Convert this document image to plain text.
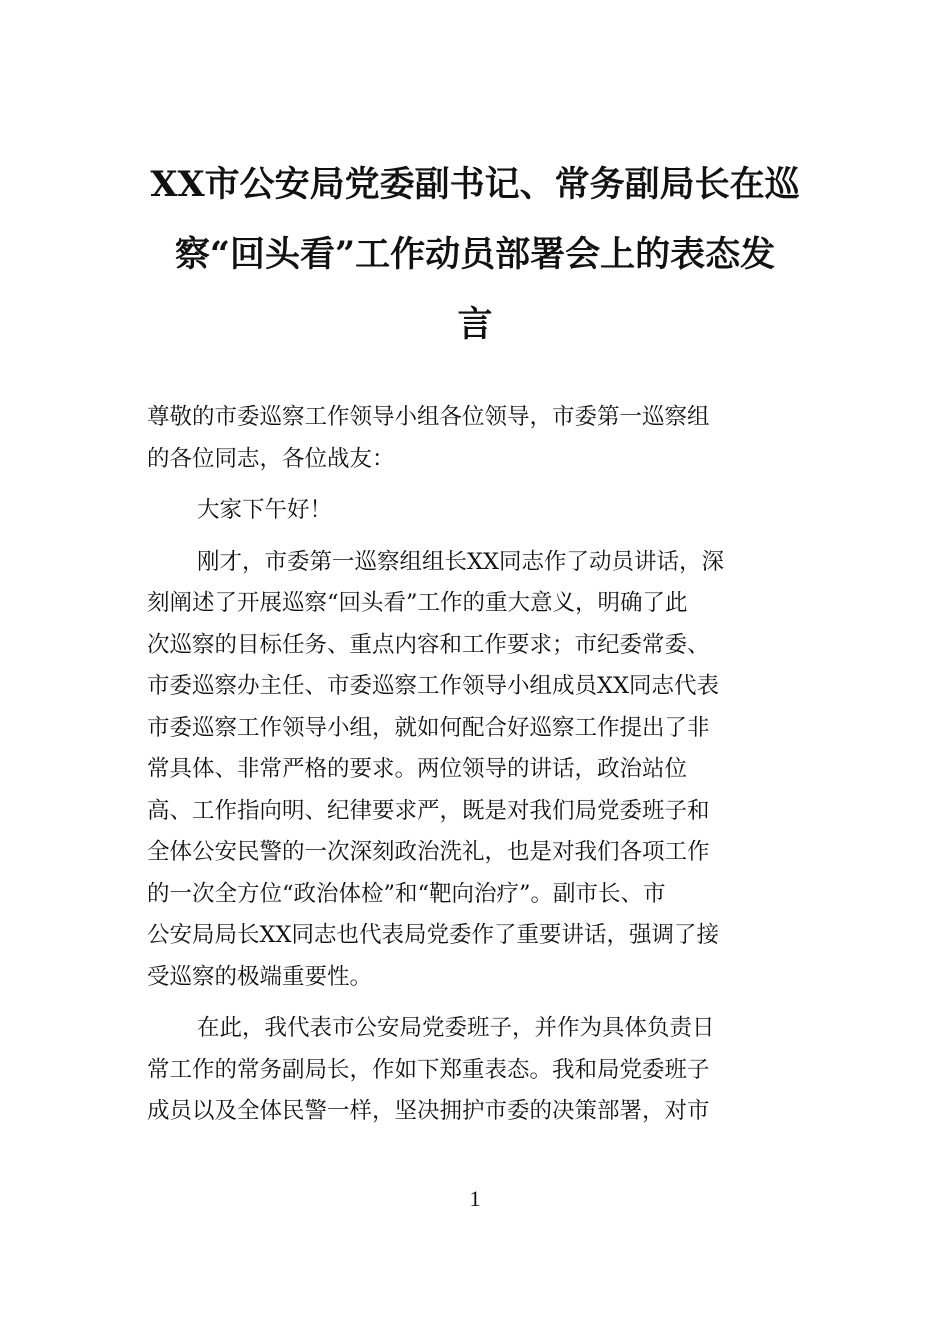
XX市公安局党委副书记、常务副局长在巡
察“回头看”工作动员部署会上的表态发
言
尊敬的市委巡察工作领导小组各位领导，市委第一巡察组
的各位同志，各位战友：
大家下午好！
刚才，市委第一巡察组组长XX同志作了动员讲话，深
刻阐述了开展巡察“回头看”工作的重大意义，明确了此
次巡察的目标任务、重点内容和工作要求；市纪委常委、
市委巡察办主任、市委巡察工作领导小组成员XX同志代表
市委巡察工作领导小组，就如何配合好巡察工作提出了非
常具体、非常严格的要求。两位领导的讲话，政治站位
高、工作指向明、纪律要求严，既是对我们局党委班子和
全体公安民警的一次深刻政治洗礼，也是对我们各项工作
的一次全方位“政治体检”和“靶向治疗”。副市长、市
公安局局长XX同志也代表局党委作了重要讲话，强调了接
受巡察的极端重要性。
在此，我代表市公安局党委班子，并作为具体负责日
常工作的常务副局长，作如下郑重表态。我和局党委班子
成员以及全体民警一样，坚决拥护市委的决策部署，对市
1
